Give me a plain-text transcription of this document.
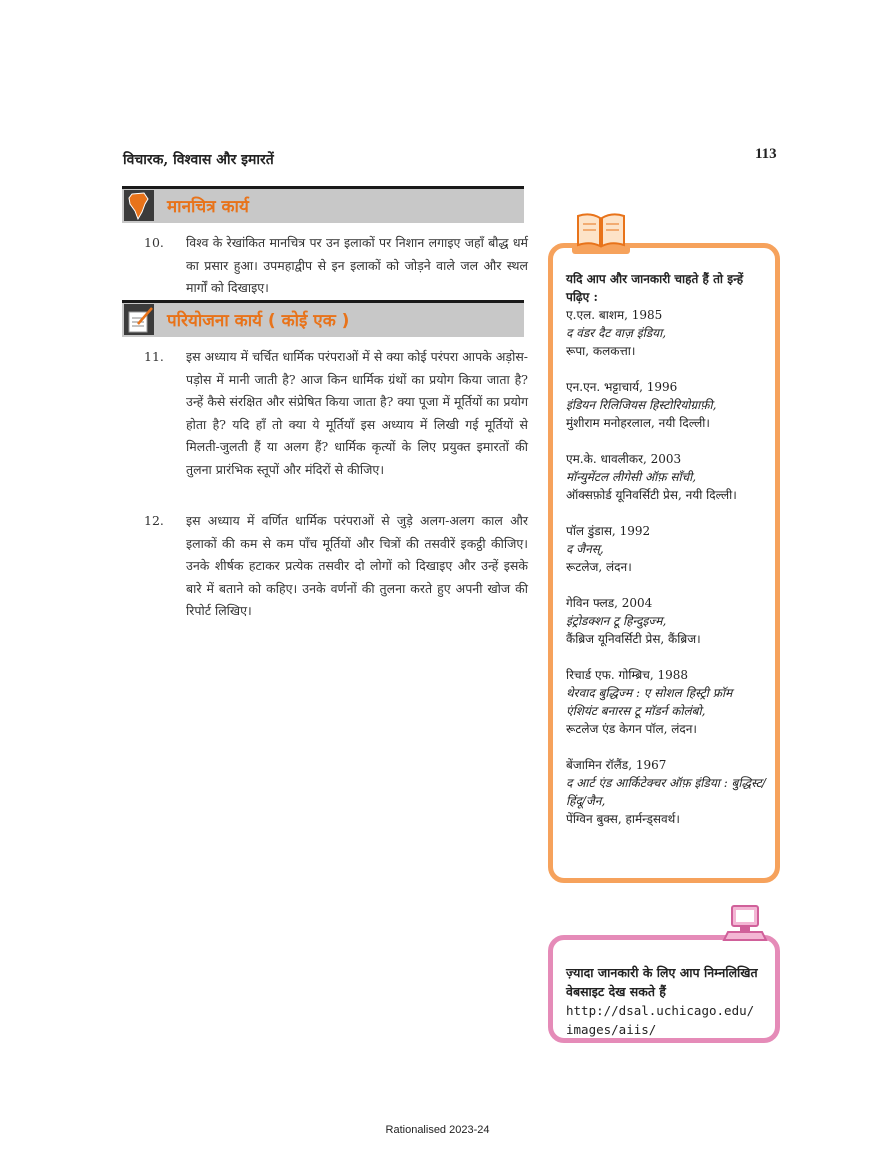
विचारक, विश्वास और इमारतें	113
मानचित्र कार्य
10. विश्व के रेखांकित मानचित्र पर उन इलाकों पर निशान लगाइए जहाँ बौद्ध धर्म का प्रसार हुआ। उपमहाद्वीप से इन इलाकों को जोड़ने वाले जल और स्थल मार्गों को दिखाइए।
परियोजना कार्य ( कोई एक )
11. इस अध्याय में चर्चित धार्मिक परंपराओं में से क्या कोई परंपरा आपके अड़ोस-पड़ोस में मानी जाती है? आज किन धार्मिक ग्रंथों का प्रयोग किया जाता है? उन्हें कैसे संरक्षित और संप्रेषित किया जाता है? क्या पूजा में मूर्तियों का प्रयोग होता है? यदि हाँ तो क्या ये मूर्तियाँ इस अध्याय में लिखी गई मूर्तियों से मिलती-जुलती हैं या अलग हैं? धार्मिक कृत्यों के लिए प्रयुक्त इमारतों की तुलना प्रारंभिक स्तूपों और मंदिरों से कीजिए।
12. इस अध्याय में वर्णित धार्मिक परंपराओं से जुड़े अलग-अलग काल और इलाकों की कम से कम पाँच मूर्तियों और चित्रों की तसवीरें इकट्ठी कीजिए। उनके शीर्षक हटाकर प्रत्येक तसवीर दो लोगों को दिखाइए और उन्हें इसके बारे में बताने को कहिए। उनके वर्णनों की तुलना करते हुए अपनी खोज की रिपोर्ट लिखिए।
यदि आप और जानकारी चाहते हैं तो इन्हें पढ़िए :
ए.एल. बाशम, 1985
द वंडर दैट वाज़ इंडिया,
रूपा, कलकत्ता।
एन.एन. भट्टाचार्य, 1996
इंडियन रिलिजियस हिस्टोरियोग्राफ़ी,
मुंशीराम मनोहरलाल, नयी दिल्ली।
एम.के. धावलीकर, 2003
मॉन्युमेंटल लीगेसी ऑफ़ साँची,
ऑक्सफ़ोर्ड यूनिवर्सिटी प्रेस, नयी दिल्ली।
पॉल डुंडास, 1992
द जैनस्,
रूटलेज, लंदन।
गेविन फ्लड, 2004
इंट्रोडक्शन टू हिन्दुइज्म,
कैंब्रिज यूनिवर्सिटी प्रेस, कैंब्रिज।
रिचार्ड एफ. गोम्ब्रिच, 1988
थेरवाद बुद्धिज्म : ए सोशल हिस्ट्री फ्रॉम एंशियंट बनारस टू मॉडर्न कोलंबो,
रूटलेज एंड केगन पॉल, लंदन।
बेंजामिन रॉलैंड, 1967
द आर्ट एंड आर्किटेक्चर ऑफ़ इंडिया : बुद्धिस्ट/हिंदू/जैन,
पेंग्विन बुक्स, हार्मन्ड्सवर्थ।
ज़्यादा जानकारी के लिए आप निम्नलिखित वेबसाइट देख सकते हैं
http://dsal.uchicago.edu/ images/aiis/
Rationalised 2023-24
